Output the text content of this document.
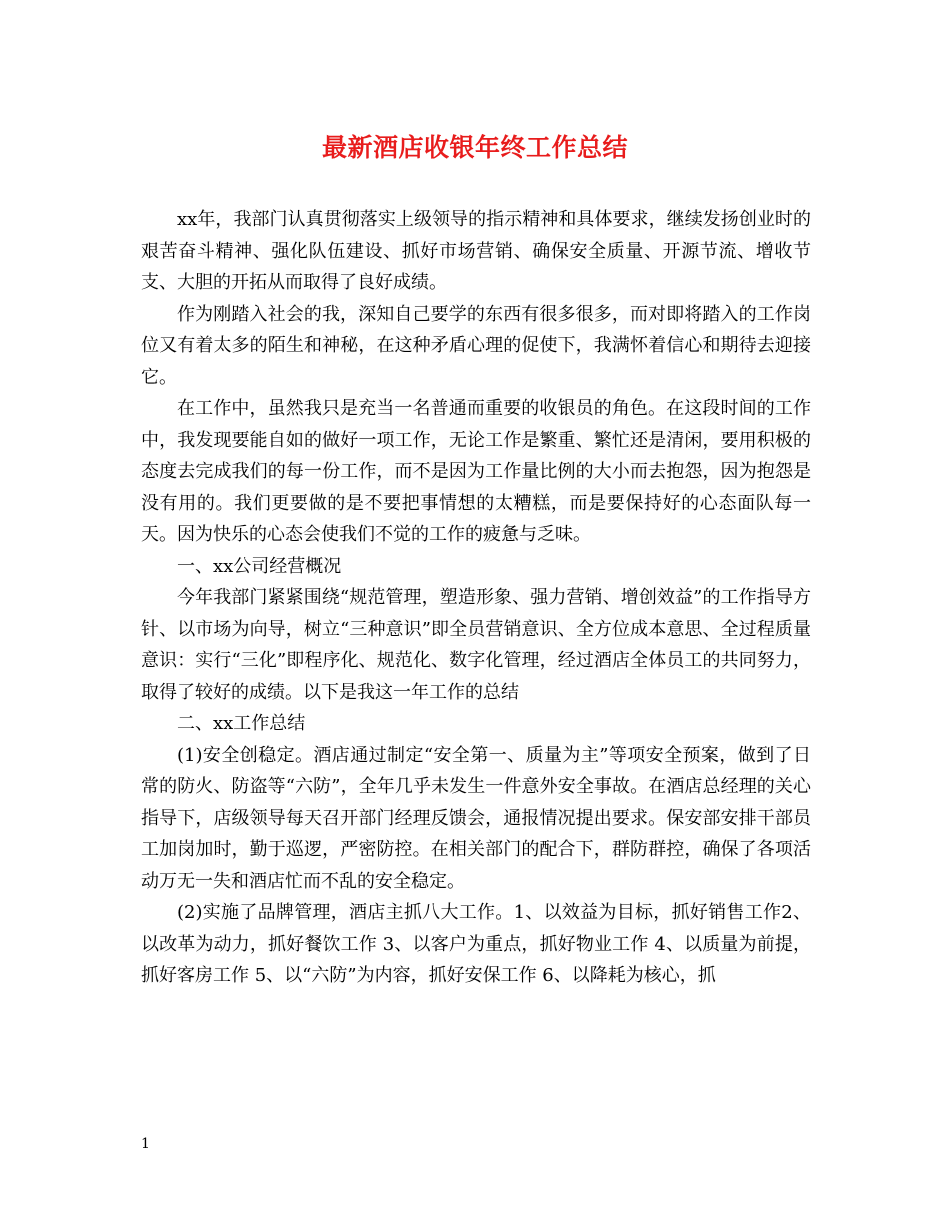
最新酒店收银年终工作总结

xx年，我部门认真贯彻落实上级领导的指示精神和具体要求，继续发扬创业时的艰苦奋斗精神、强化队伍建设、抓好市场营销、确保安全质量、开源节流、增收节支、大胆的开拓从而取得了良好成绩。

作为刚踏入社会的我，深知自己要学的东西有很多很多，而对即将踏入的工作岗位又有着太多的陌生和神秘，在这种矛盾心理的促使下，我满怀着信心和期待去迎接它。

在工作中，虽然我只是充当一名普通而重要的收银员的角色。在这段时间的工作中，我发现要能自如的做好一项工作，无论工作是繁重、繁忙还是清闲，要用积极的态度去完成我们的每一份工作，而不是因为工作量比例的大小而去抱怨，因为抱怨是没有用的。我们更要做的是不要把事情想的太糟糕，而是要保持好的心态面队每一天。因为快乐的心态会使我们不觉的工作的疲惫与乏味。

一、xx公司经营概况

今年我部门紧紧围绕“规范管理，塑造形象、强力营销、增创效益”的工作指导方针、以市场为向导，树立“三种意识”即全员营销意识、全方位成本意思、全过程质量意识：实行“三化”即程序化、规范化、数字化管理，经过酒店全体员工的共同努力，取得了较好的成绩。以下是我这一年工作的总结

二、xx工作总结

(1)安全创稳定。酒店通过制定“安全第一、质量为主”等项安全预案，做到了日常的防火、防盗等“六防”，全年几乎未发生一件意外安全事故。在酒店总经理的关心指导下，店级领导每天召开部门经理反馈会，通报情况提出要求。保安部安排干部员工加岗加时，勤于巡逻，严密防控。在相关部门的配合下，群防群控，确保了各项活动万无一失和酒店忙而不乱的安全稳定。

(2)实施了品牌管理，酒店主抓八大工作。1、以效益为目标，抓好销售工作2、以改革为动力，抓好餐饮工作 3、以客户为重点，抓好物业工作 4、以质量为前提，抓好客房工作 5、以“六防”为内容，抓好安保工作 6、以降耗为核心，抓

1
